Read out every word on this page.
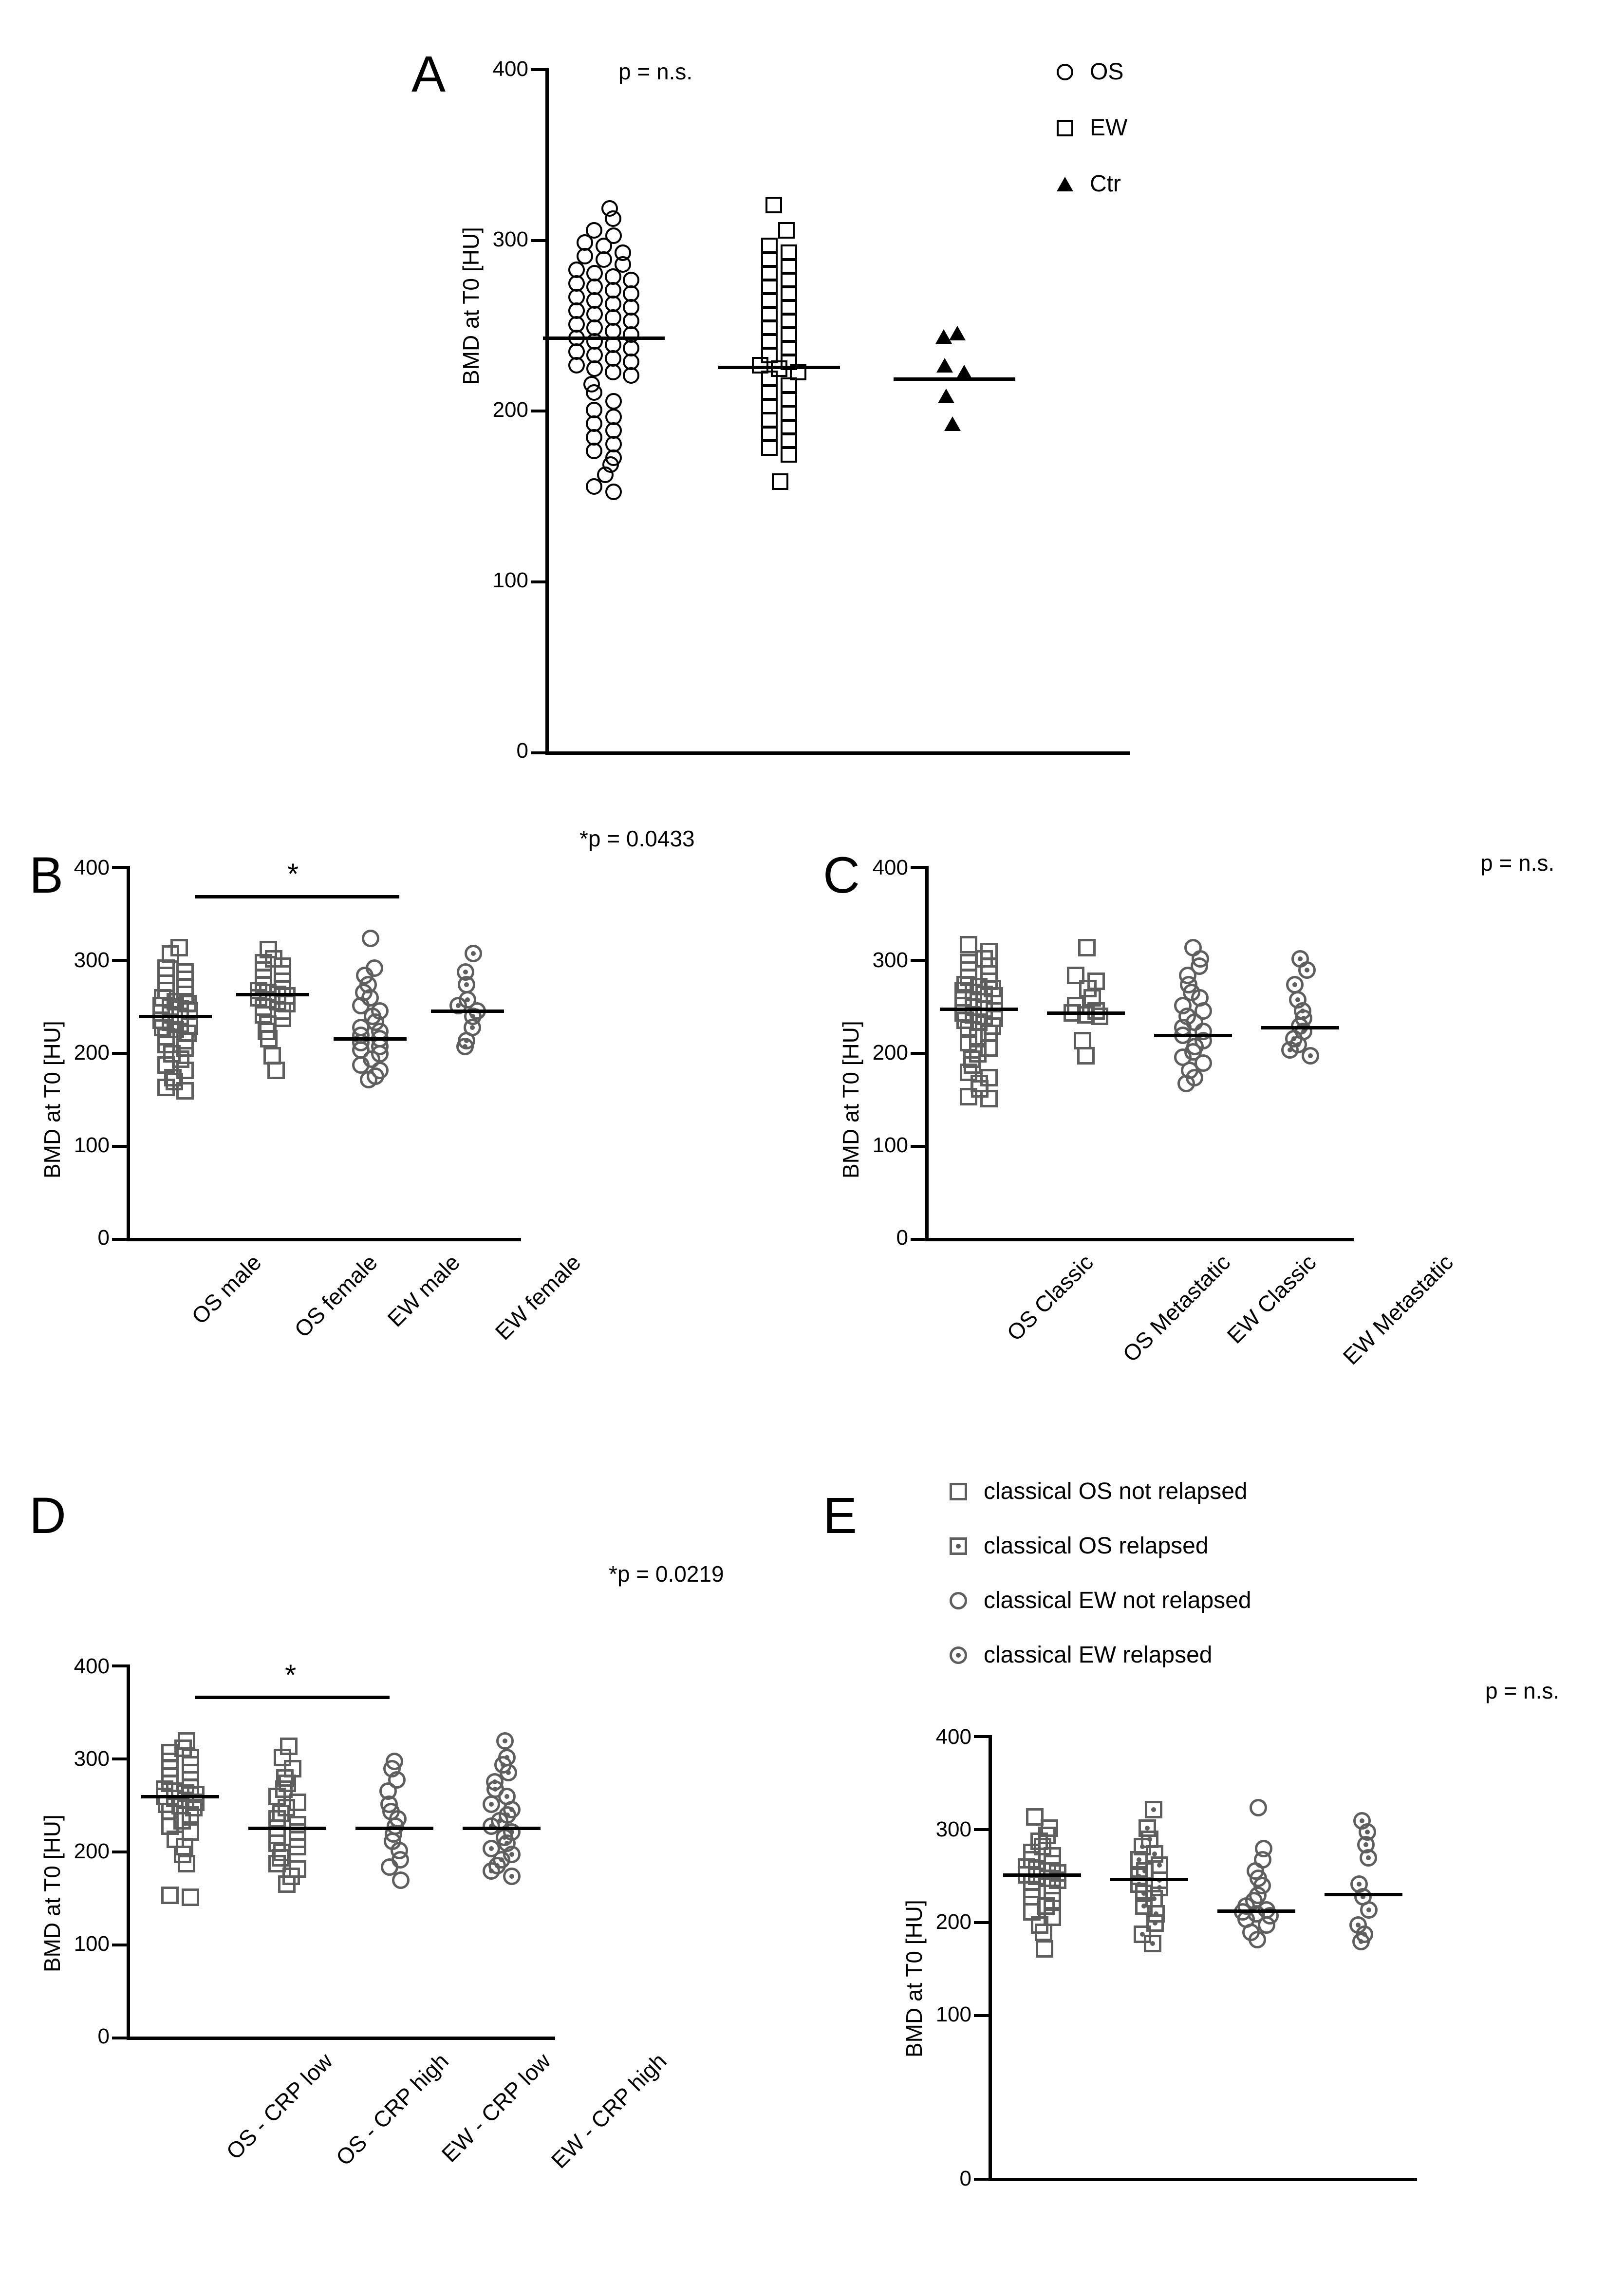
A
BMD at T0 [HU]
400
300
200
100
0
p = n.s.	OS
EW
Ctr
B
*p = 0.0433
BMD at T0 [HU]
400
300
200
100
0
*
OS male OS female EW male EW female
C	p = n.s.
BMD at T0 [HU]
400
300
200
100
0
OS Classic OS Metastatic
EW Classic EW Metastatic
D
*p = 0.0219
BMD at T0 [HU]
400
300
200
100
0
*
OS - CRP low
OS - CRP high
EW - CRP low
EW - CRP high
E	classical OS not relapsed
classical OS relapsed
classical EW not relapsed
classical EW relapsed
p = n.s.
BMD at T0 [HU]
400
300
200
100
0
